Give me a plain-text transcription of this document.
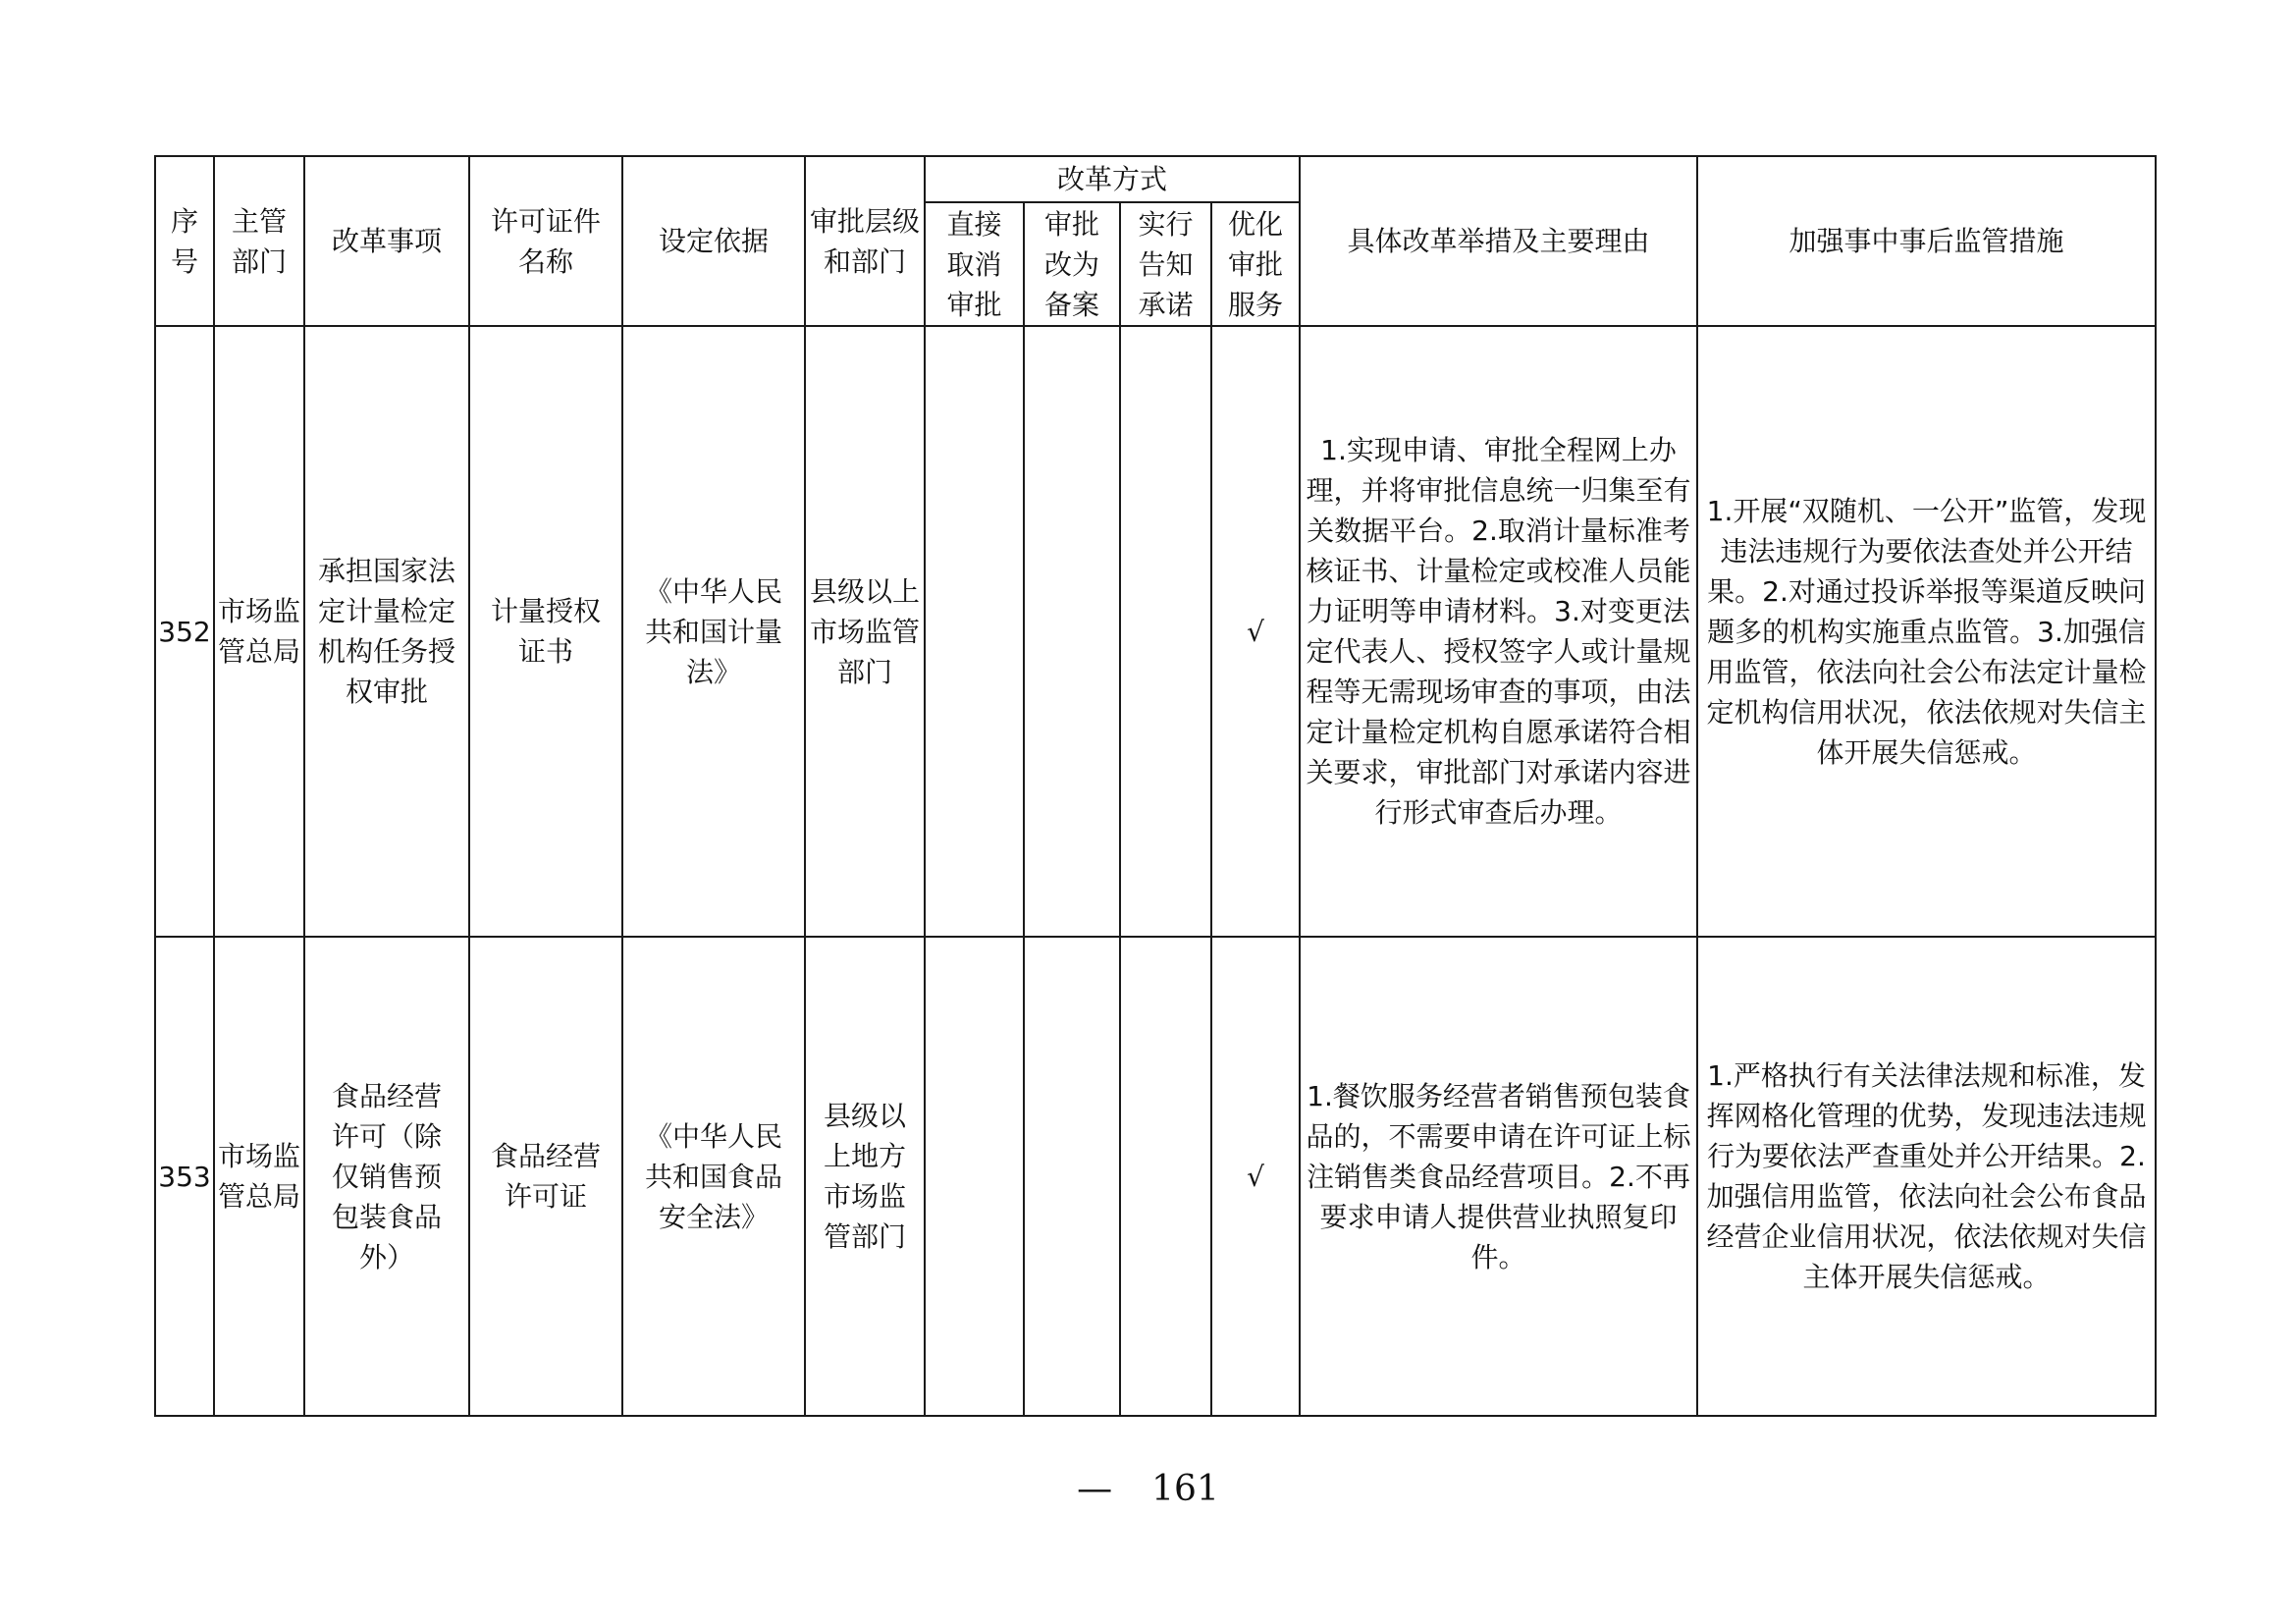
序号	主管部门	改革事项	许可证件名称	设定依据	审批层级和部门	改革方式				具体改革举措及主要理由	加强事中事后监管措施

						直接取消审批	审批改为备案	实行告知承诺	优化审批服务		

352	市场监管总局	承担国家法定计量检定机构任务授权审批	计量授权证书	《中华人民共和国计量法》	县级以上市场监管部门				√	1.实现申请、审批全程网上办理，并将审批信息统一归集至有关数据平台。2.取消计量标准考核证书、计量检定或校准人员能力证明等申请材料。3.对变更法定代表人、授权签字人或计量规程等无需现场审查的事项，由法定计量检定机构自愿承诺符合相关要求，审批部门对承诺内容进行形式审查后办理。	1.开展“双随机、一公开”监管，发现违法违规行为要依法查处并公开结果。2.对通过投诉举报等渠道反映问题多的机构实施重点监管。3.加强信用监管，依法向社会公布法定计量检定机构信用状况，依法依规对失信主体开展失信惩戒。

353	市场监管总局	食品经营许可（除仅销售预包装食品外）	食品经营许可证	《中华人民共和国食品安全法》	县级以上地方市场监管部门				√	1.餐饮服务经营者销售预包装食品的，不需要申请在许可证上标注销售类食品经营项目。2.不再要求申请人提供营业执照复印件。	1.严格执行有关法律法规和标准，发挥网格化管理的优势，发现违法违规行为要依法严查重处并公开结果。2.加强信用监管，依法向社会公布食品经营企业信用状况，依法依规对失信主体开展失信惩戒。
— 161
